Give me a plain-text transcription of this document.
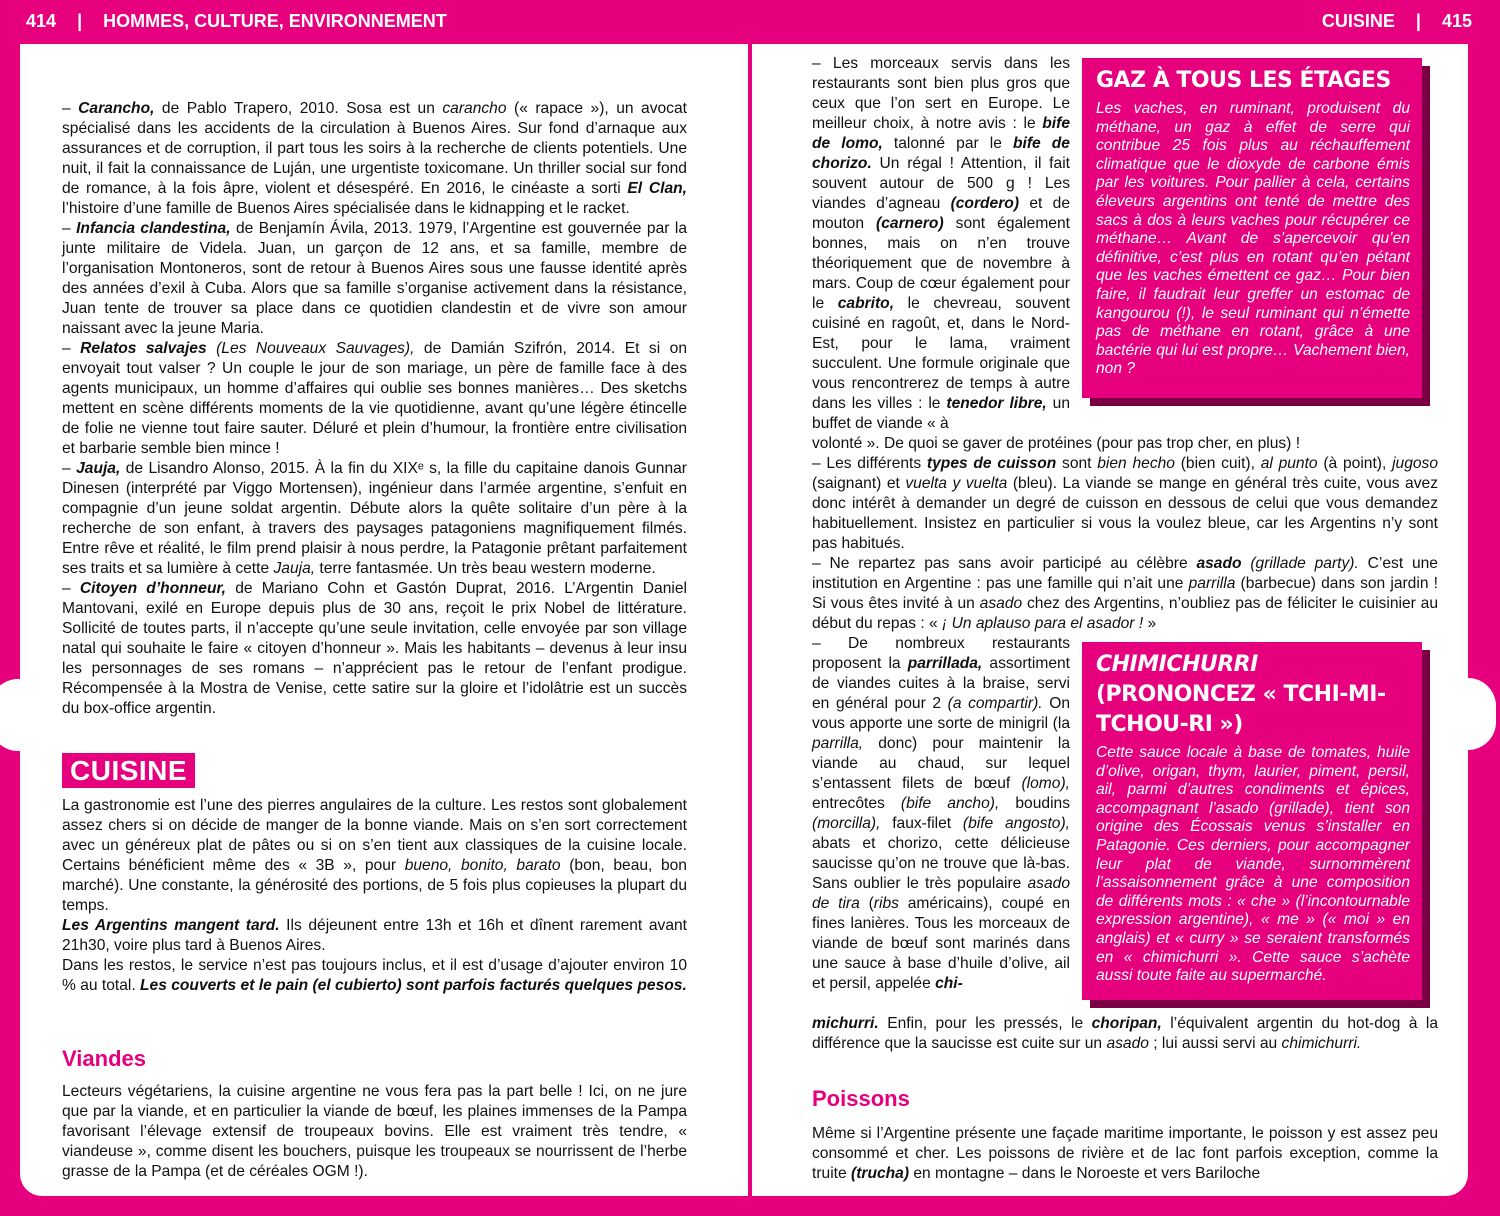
414 | HOMMES, CULTURE, ENVIRONNEMENT	CUISINE | 415

– Caranchо, de Pablo Trapero, 2010. Sosa est un carancho (« rapace »), un avocat spécialisé dans les accidents de la circulation à Buenos Aires. Sur fond d’arnaque aux assurances et de corruption, il part tous les soirs à la recherche de clients potentiels. Une nuit, il fait la connaissance de Luján, une urgentiste toxicomane. Un thriller social sur fond de romance, à la fois âpre, violent et désespéré. En 2016, le cinéaste a sorti El Clan, l’histoire d’une famille de Buenos Aires spécialisée dans le kidnapping et le racket.

– Infancia clandestina, de Benjamín Ávila, 2013. 1979, l’Argentine est gouvernée par la junte militaire de Videla. Juan, un garçon de 12 ans, et sa famille, membre de l’organisation Montoneros, sont de retour à Buenos Aires sous une fausse identité après des années d’exil à Cuba. Alors que sa famille s’organise activement dans la résistance, Juan tente de trouver sa place dans ce quotidien clandestin et de vivre son amour naissant avec la jeune Maria.

– Relatos salvajes (Les Nouveaux Sauvages), de Damián Szifrón, 2014. Et si on envoyait tout valser ? Un couple le jour de son mariage, un père de famille face à des agents municipaux, un homme d’affaires qui oublie ses bonnes manières… Des sketchs mettent en scène différents moments de la vie quotidienne, avant qu’une légère étincelle de folie ne vienne tout faire sauter. Déluré et plein d’humour, la frontière entre civilisation et barbarie semble bien mince !

– Jauja, de Lisandro Alonso, 2015. À la fin du XIXᵉ s, la fille du capitaine danois Gunnar Dinesen (interprété par Viggo Mortensen), ingénieur dans l’armée argentine, s’enfuit en compagnie d’un jeune soldat argentin. Débute alors la quête solitaire d’un père à la recherche de son enfant, à travers des paysages patagoniens magnifiquement filmés. Entre rêve et réalité, le film prend plaisir à nous perdre, la Patagonie prêtant parfaitement ses traits et sa lumière à cette Jauja, terre fantasmée. Un très beau western moderne.

– Citoyen d’honneur, de Mariano Cohn et Gastón Duprat, 2016. L’Argentin Daniel Mantovani, exilé en Europe depuis plus de 30 ans, reçoit le prix Nobel de littérature. Sollicité de toutes parts, il n’accepte qu’une seule invitation, celle envoyée par son village natal qui souhaite le faire « citoyen d’honneur ». Mais les habitants – devenus à leur insu les personnages de ses romans – n’apprécient pas le retour de l’enfant prodigue. Récompensée à la Mostra de Venise, cette satire sur la gloire et l’idolâtrie est un succès du box-office argentin.

CUISINE

La gastronomie est l’une des pierres angulaires de la culture. Les restos sont globalement assez chers si on décide de manger de la bonne viande. Mais on s’en sort correctement avec un généreux plat de pâtes ou si on s’en tient aux classiques de la cuisine locale. Certains bénéficient même des « 3B », pour bueno, bonito, barato (bon, beau, bon marché). Une constante, la générosité des portions, de 5 fois plus copieuses la plupart du temps.

Les Argentins mangent tard. Ils déjeunent entre 13h et 16h et dînent rarement avant 21h30, voire plus tard à Buenos Aires.

Dans les restos, le service n’est pas toujours inclus, et il est d’usage d’ajouter environ 10 % au total. Les couverts et le pain (el cubierto) sont parfois facturés quelques pesos.

Viandes
Lecteurs végétariens, la cuisine argentine ne vous fera pas la part belle ! Ici, on ne jure que par la viande, et en particulier la viande de bœuf, les plaines immenses de la Pampa favorisant l’élevage extensif de troupeaux bovins. Elle est vraiment très tendre, « viandeuse », comme disent les bouchers, puisque les troupeaux se nourrissent de l’herbe grasse de la Pampa (et de céréales OGM !).

– Les morceaux servis dans les restaurants sont bien plus gros que ceux que l’on sert en Europe. Le meilleur choix, à notre avis : le bife de lomo, talonné par le bife de chorizo. Un régal ! Attention, il fait souvent autour de 500 g ! Les viandes d’agneau (cordero) et de mouton (carnero) sont également bonnes, mais on n’en trouve théoriquement que de novembre à mars. Coup de cœur également pour le cabrito, le chevreau, souvent cuisiné en ragoût, et, dans le Nord-Est, pour le lama, vraiment succulent. Une formule originale que vous rencontrerez de temps à autre dans les villes : le tenedor libre, un buffet de viande « à

GAZ À TOUS LES ÉTAGES
Les vaches, en ruminant, produisent du méthane, un gaz à effet de serre qui contribue 25 fois plus au réchauffement climatique que le dioxyde de carbone émis par les voitures. Pour pallier à cela, certains éleveurs argentins ont tenté de mettre des sacs à dos à leurs vaches pour récupérer ce méthane… Avant de s’apercevoir qu’en définitive, c’est plus en rotant qu’en pétant que les vaches émettent ce gaz… Pour bien faire, il faudrait leur greffer un estomac de kangourou (!), le seul ruminant qui n’émette pas de méthane en rotant, grâce à une bactérie qui lui est propre… Vachement bien, non ?

volonté ». De quoi se gaver de protéines (pour pas trop cher, en plus) !

– Les différents types de cuisson sont bien hecho (bien cuit), al punto (à point), jugoso (saignant) et vuelta y vuelta (bleu). La viande se mange en général très cuite, vous avez donc intérêt à demander un degré de cuisson en dessous de celui que vous demandez habituellement. Insistez en particulier si vous la voulez bleue, car les Argentins n’y sont pas habitués.

– Ne repartez pas sans avoir participé au célèbre asado (grillade party). C’est une institution en Argentine : pas une famille qui n’ait une parrilla (barbecue) dans son jardin ! Si vous êtes invité à un asado chez des Argentins, n’oubliez pas de féliciter le cuisinier au début du repas : « ¡ Un aplauso para el asador ! »

– De nombreux restaurants proposent la parrillada, assortiment de viandes cuites à la braise, servi en général pour 2 (a compartir). On vous apporte une sorte de minigril (la parrilla, donc) pour maintenir la viande au chaud, sur lequel s’entassent filets de bœuf (lomo), entrecôtes (bife ancho), boudins (morcilla), faux-filet (bife angosto), abats et chorizo, cette délicieuse saucisse qu’on ne trouve que là-bas. Sans oublier le très populaire asado de tira (ribs américains), coupé en fines lanières. Tous les morceaux de viande de bœuf sont marinés dans une sauce à base d’huile d’olive, ail et persil, appelée chi-

CHIMICHURRI (PRONONCEZ « TCHI-MI-TCHOU-RI »)
Cette sauce locale à base de tomates, huile d’olive, origan, thym, laurier, piment, persil, ail, parmi d’autres condiments et épices, accompagnant l’asado (grillade), tient son origine des Écossais venus s’installer en Patagonie. Ces derniers, pour accompagner leur plat de viande, surnommèrent l’assaisonnement grâce à une composition de différents mots : « che » (l’incontournable expression argentine), « me » (« moi » en anglais) et « curry » se seraient transformés en « chimichurri ». Cette sauce s’achète aussi toute faite au supermarché.

michurri. Enfin, pour les pressés, le choripan, l’équivalent argentin du hot-dog à la différence que la saucisse est cuite sur un asado ; lui aussi servi au chimichurri.

Poissons

Même si l’Argentine présente une façade maritime importante, le poisson y est assez peu consommé et cher. Les poissons de rivière et de lac font parfois exception, comme la truite (trucha) en montagne – dans le Noroeste et vers Bariloche
